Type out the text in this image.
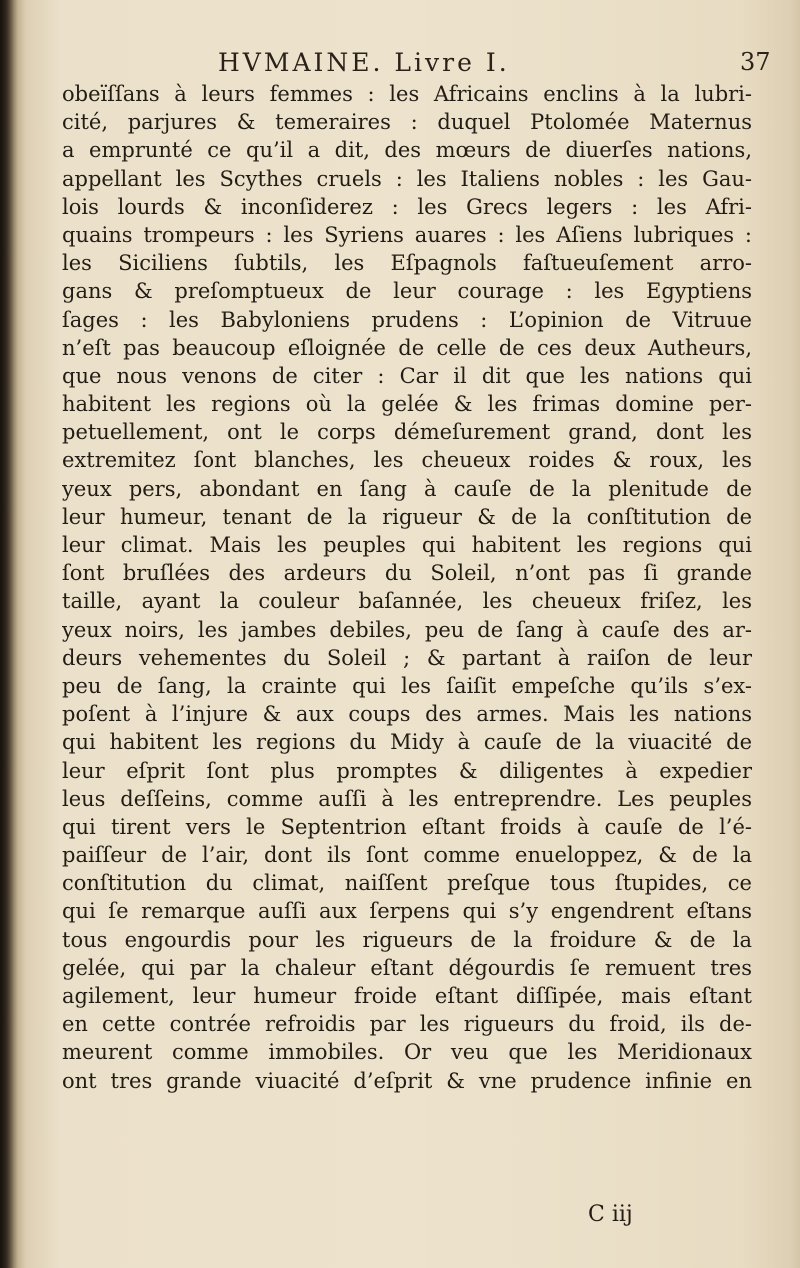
HVMAINE. Livre I.	37
obeïſſans à leurs femmes : les Africains enclins à la lubri-
cité, parjures & temeraires : duquel Ptolomée Maternus
a emprunté ce qu’il a dit, des mœurs de diuerſes nations,
appellant les Scythes cruels : les Italiens nobles : les Gau-
lois lourds & inconſiderez : les Grecs legers : les Afri-
quains trompeurs : les Syriens auares : les Aſiens lubriques :
les Siciliens ſubtils, les Eſpagnols faſtueuſement arro-
gans & preſomptueux de leur courage : les Egyptiens
ſages : les Babyloniens prudens : L’opinion de Vitruue
n’eſt pas beaucoup eſloignée de celle de ces deux Autheurs,
que nous venons de citer : Car il dit que les nations qui
habitent les regions où la gelée & les frimas domine per-
petuellement, ont le corps démeſurement grand, dont les
extremitez ſont blanches, les cheueux roides & roux, les
yeux pers, abondant en ſang à cauſe de la plenitude de
leur humeur, tenant de la rigueur & de la conſtitution de
leur climat. Mais les peuples qui habitent les regions qui
ſont bruſlées des ardeurs du Soleil, n’ont pas ſi grande
taille, ayant la couleur baſannée, les cheueux friſez, les
yeux noirs, les jambes debiles, peu de ſang à cauſe des ar-
deurs vehementes du Soleil ; & partant à raiſon de leur
peu de ſang, la crainte qui les ſaiſit empeſche qu’ils s’ex-
poſent à l’injure & aux coups des armes. Mais les nations
qui habitent les regions du Midy à cauſe de la viuacité de
leur eſprit ſont plus promptes & diligentes à expedier
leus deſſeins, comme auſſi à les entreprendre. Les peuples
qui tirent vers le Septentrion eſtant froids à cauſe de l’é-
paiſſeur de l’air, dont ils ſont comme enueloppez, & de la
conſtitution du climat, naiſſent preſque tous ſtupides, ce
qui ſe remarque auſſi aux ſerpens qui s’y engendrent eſtans
tous engourdis pour les rigueurs de la froidure & de la
gelée, qui par la chaleur eſtant dégourdis ſe remuent tres
agilement, leur humeur froide eſtant diſſipée, mais eſtant
en cette contrée refroidis par les rigueurs du froid, ils de-
meurent comme immobiles. Or veu que les Meridionaux
ont tres grande viuacité d’eſprit & vne prudence infinie en
C iij
